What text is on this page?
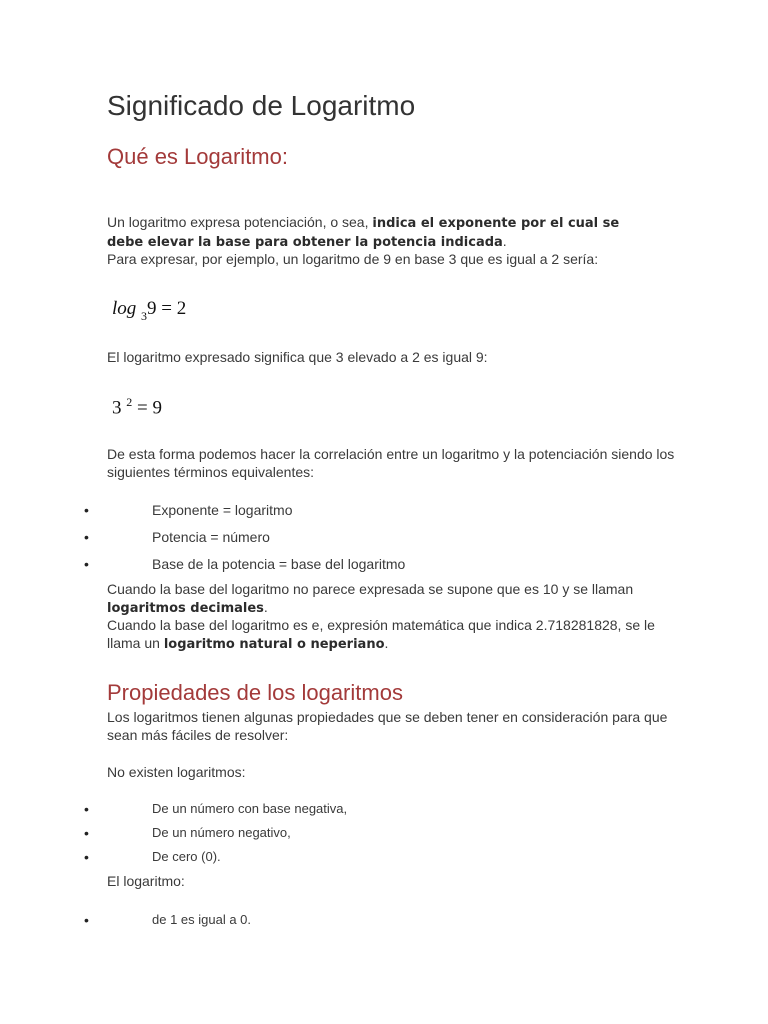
Significado de Logaritmo
Qué es Logaritmo:
Un logaritmo expresa potenciación, o sea, indica el exponente por el cual se
debe elevar la base para obtener la potencia indicada.
Para expresar, por ejemplo, un logaritmo de 9 en base 3 que es igual a 2 sería:
log $_3$9 = 2
El logaritmo expresado significa que 3 elevado a 2 es igual 9:
3 $^2$ = 9
De esta forma podemos hacer la correlación entre un logaritmo y la potenciación siendo los siguientes términos equivalentes:
•	Exponente = logaritmo
•	Potencia = número
•	Base de la potencia = base del logaritmo
Cuando la base del logaritmo no parece expresada se supone que es 10 y se llaman logaritmos decimales.
Cuando la base del logaritmo es e, expresión matemática que indica 2.718281828, se le llama un logaritmo natural o neperiano.
Propiedades de los logaritmos
Los logaritmos tienen algunas propiedades que se deben tener en consideración para que sean más fáciles de resolver:
No existen logaritmos:
•	De un número con base negativa,
•	De un número negativo,
•	De cero (0).
El logaritmo:
•	de 1 es igual a 0.
